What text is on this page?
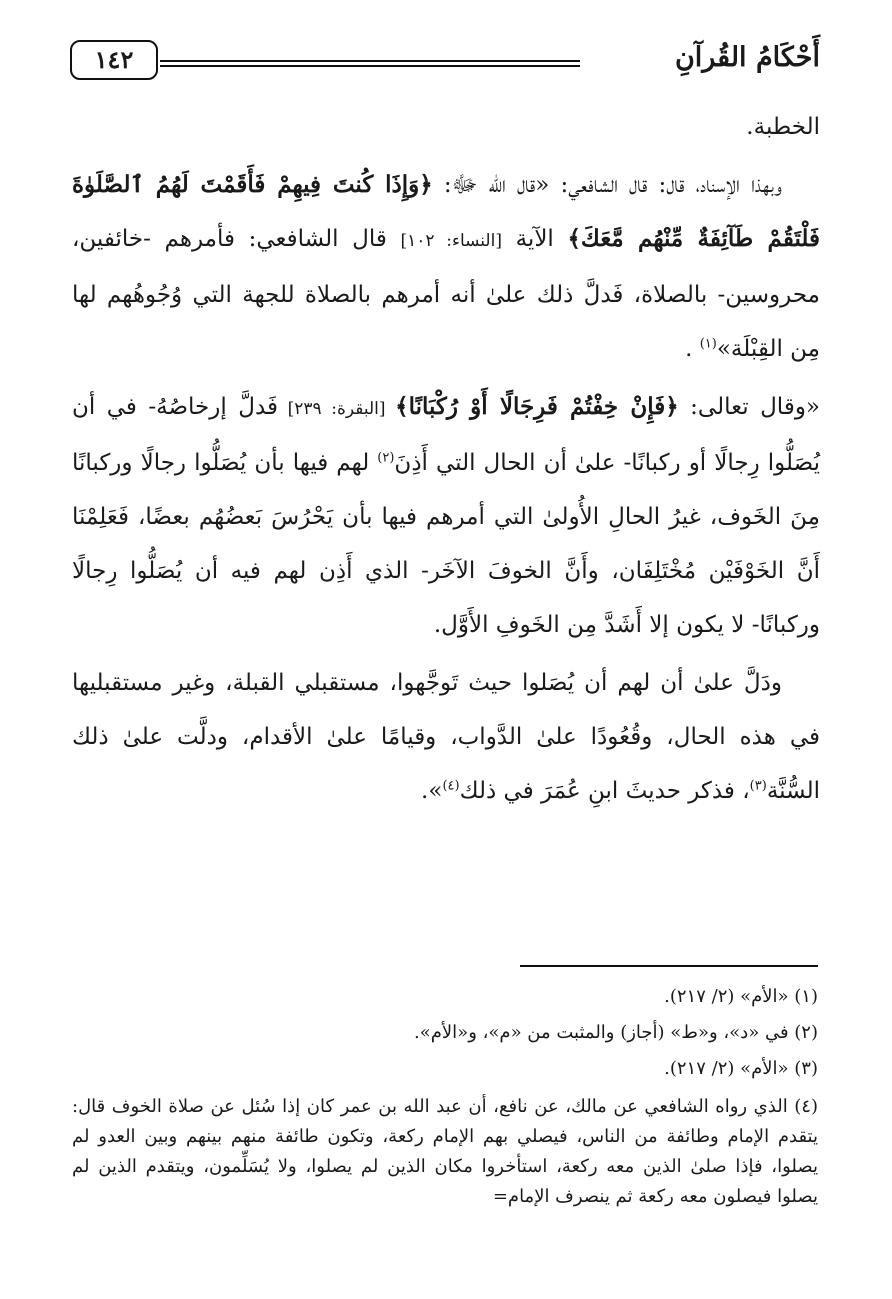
أَحْكَامُ القُرآنِ
١٤٢

الخطبة.

وبهذا الإسناد، قال: قال الشافعي: «قال الله ﷻ: ﴿وَإِذَا كُنتَ فِيهِمْ فَأَقَمْتَ لَهُمُ ٱلصَّلَوٰةَ فَلْتَقُمْ طَآئِفَةٌ مِّنْهُم مَّعَكَ﴾ الآية [النساء: ١٠٢] قال الشافعي: فأمرهم -خائفين، محروسين- بالصلاة، فَدلَّ ذلك علىٰ أنه أمرهم بالصلاة للجهة التي وُجُوهُهم لها مِن القِبْلَة»$^{(١)}$ .

«وقال تعالى: ﴿فَإِنْ خِفْتُمْ فَرِجَالًا أَوْ رُكْبَانًا﴾ [البقرة: ٢٣٩] فَدلَّ إرخاصُهُ- في أن يُصَلُّوا رِجالًا أو ركبانًا- علىٰ أن الحال التي أَذِنَ$^{(٢)}$ لهم فيها بأن يُصَلُّوا رجالًا وركبانًا مِنَ الخَوف، غيرُ الحالِ الأُولىٰ التي أمرهم فيها بأن يَحْرُسَ بَعضُهُم بعضًا، فَعَلِمْنَا أَنَّ الخَوْفَيْن مُخْتَلِفَان، وأَنَّ الخوفَ الآخَر- الذي أَذِن لهم فيه أن يُصَلُّوا رِجالًا وركبانًا- لا يكون إلا أَشَدَّ مِن الخَوفِ الأَوَّل.

ودَلَّ علىٰ أن لهم أن يُصَلوا حيث تَوجَّهوا، مستقبلي القبلة، وغير مستقبليها في هذه الحال، وقُعُودًا علىٰ الدَّواب، وقيامًا علىٰ الأقدام، ودلَّت علىٰ ذلك السُّنَّة$^{(٣)}$، فذكر حديثَ ابنِ عُمَرَ في ذلك$^{(٤)}$».

(١) «الأم» (٢/ ٢١٧).
(٢) في «د»، و«ط» (أجاز) والمثبت من «م»، و«الأم».
(٣) «الأم» (٢/ ٢١٧).
(٤) الذي رواه الشافعي عن مالك، عن نافع، أن عبد الله بن عمر كان إذا سُئل عن صلاة الخوف قال: يتقدم الإمام وطائفة من الناس، فيصلي بهم الإمام ركعة، وتكون طائفة منهم بينهم وبين العدو لم يصلوا، فإذا صلىٰ الذين معه ركعة، استأخروا مكان الذين لم يصلوا، ولا يُسَلِّمون، ويتقدم الذين لم يصلوا فيصلون معه ركعة ثم ينصرف الإمام=
